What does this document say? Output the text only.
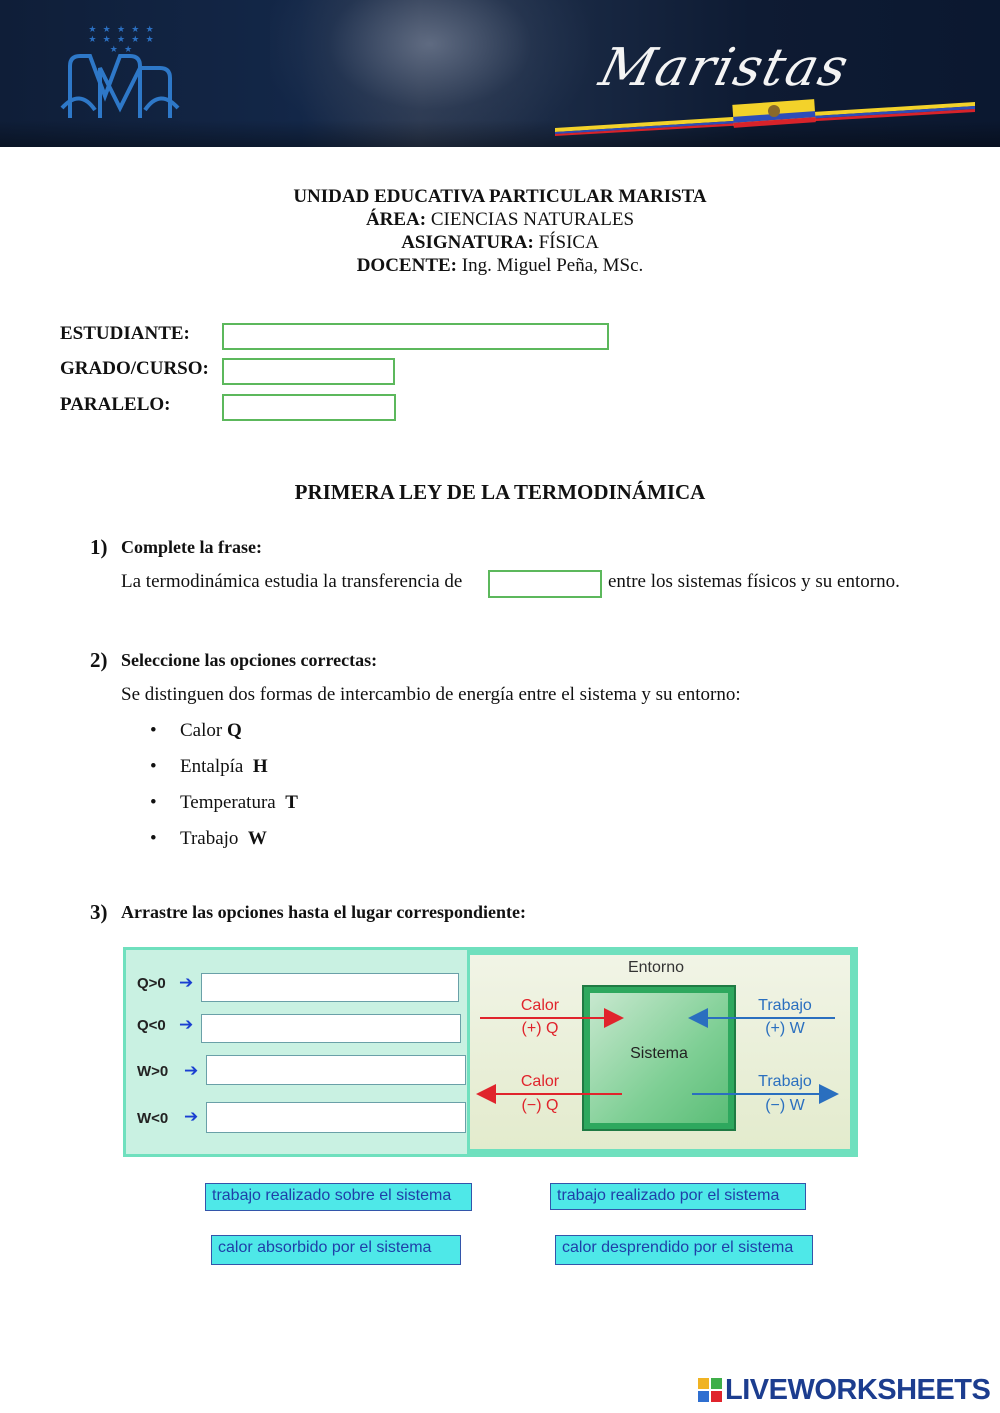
★ ★ ★ ★ ★ ★ ★ ★ ★ ★ ★ ★	Maristas
UNIDAD EDUCATIVA PARTICULAR MARISTA
ÁREA: CIENCIAS NATURALES
ASIGNATURA: FÍSICA
DOCENTE: Ing. Miguel Peña, MSc.
ESTUDIANTE:
GRADO/CURSO:
PARALELO:
PRIMERA LEY DE LA TERMODINÁMICA
1) Complete la frase:
La termodinámica estudia la transferencia de	entre los sistemas físicos y su entorno.
2) Seleccione las opciones correctas:
Se distinguen dos formas de intercambio de energía entre el sistema y su entorno:
• Calor Q
• Entalpía H
• Temperatura T
• Trabajo W
3) Arrastre las opciones hasta el lugar correspondiente:
Q>0 ➔
Q<0 ➔
W>0 ➔
W<0 ➔
Entorno
Sistema
Calor
(+) Q
Trabajo
(+) W
Calor
(−) Q
Trabajo
(−) W
trabajo realizado sobre el sistema	trabajo realizado por el sistema
calor absorbido por el sistema	calor desprendido por el sistema
LIVEWORKSHEETS
